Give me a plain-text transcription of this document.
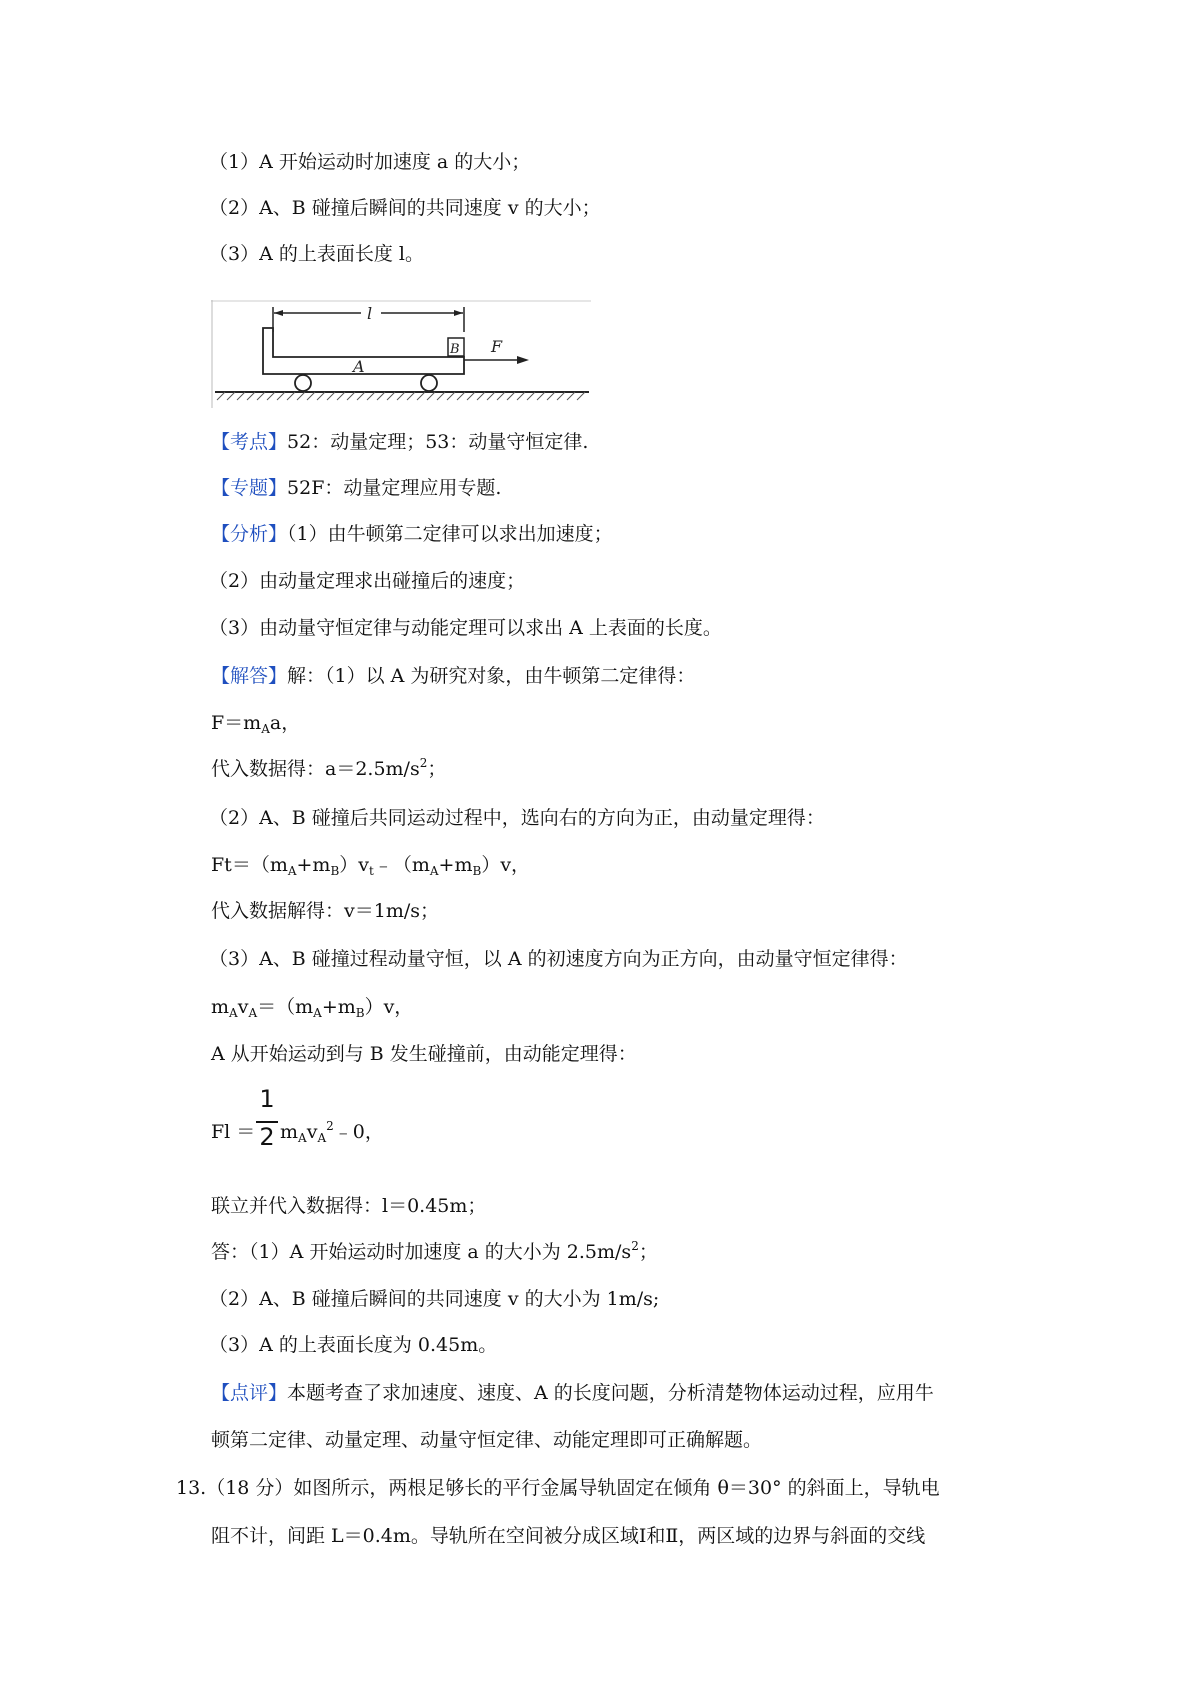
（1）A 开始运动时加速度 a 的大小；
（2）A、B 碰撞后瞬间的共同速度 v 的大小；
（3）A 的上表面长度 l。
l
A
B F
【考点】52：动量定理；53：动量守恒定律.
【专题】52F：动量定理应用专题.
【分析】（1）由牛顿第二定律可以求出加速度；
（2）由动量定理求出碰撞后的速度；
（3）由动量守恒定律与动能定理可以求出 A 上表面的长度。
【解答】解：（1）以 A 为研究对象，由牛顿第二定律得：
$F=m_Aa$，
代入数据得：$a=2.5m/s^2$；
（2）A、B 碰撞后共同运动过程中，选向右的方向为正，由动量定理得：
$Ft=(m_A+m_B)v_t﹣(m_A+m_B)v$，
代入数据解得：v＝1m/s；
（3）A、B 碰撞过程动量守恒，以 A 的初速度方向为正方向，由动量守恒定律得：
$m_Av_A=(m_A+m_B)v$，
A 从开始运动到与 B 发生碰撞前，由动能定理得：
Fl ＝
1
2 $m_Av_A^2﹣0$，
联立并代入数据得：l＝0.45m；
答：（1）A 开始运动时加速度 a 的大小为 $2.5m/s^2$；
（2）A、B 碰撞后瞬间的共同速度 v 的大小为 1m/s;
（3）A 的上表面长度为 0.45m。
【点评】本题考查了求加速度、速度、A 的长度问题，分析清楚物体运动过程，应用牛
顿第二定律、动量定理、动量守恒定律、动能定理即可正确解题。
13.（18 分）如图所示，两根足够长的平行金属导轨固定在倾角 θ＝30° 的斜面上，导轨电
阻不计，间距 L＝0.4m。导轨所在空间被分成区域Ⅰ和Ⅱ，两区域的边界与斜面的交线
